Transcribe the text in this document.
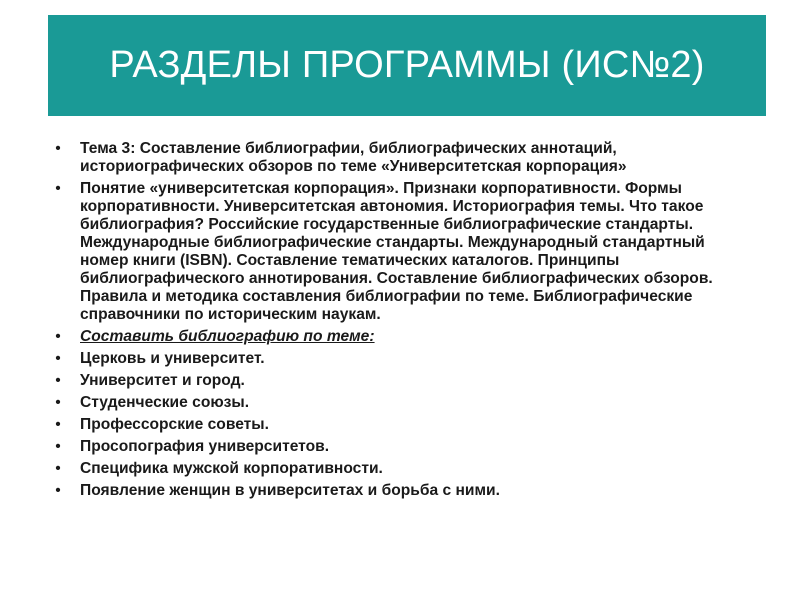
РАЗДЕЛЫ ПРОГРАММЫ (ИС№2)
• Тема 3: Составление библиографии, библиографических аннотаций, историографических обзоров по теме «Университетская корпорация»
• Понятие «университетская корпорация». Признаки корпоративности. Формы корпоративности. Университетская автономия. Историография темы. Что такое библиография? Российские государственные библиографические стандарты. Международные библиографические стандарты. Международный стандартный номер книги (ISBN). Составление тематических каталогов. Принципы библиографического аннотирования. Составление библиографических обзоров. Правила и методика составления библиографии по теме. Библиографические справочники по историческим наукам.
• Составить библиографию по теме:
• Церковь и университет.
• Университет и город.
• Студенческие союзы.
• Профессорские советы.
• Просопография университетов.
• Специфика мужской корпоративности.
• Появление женщин в университетах и борьба с ними.
